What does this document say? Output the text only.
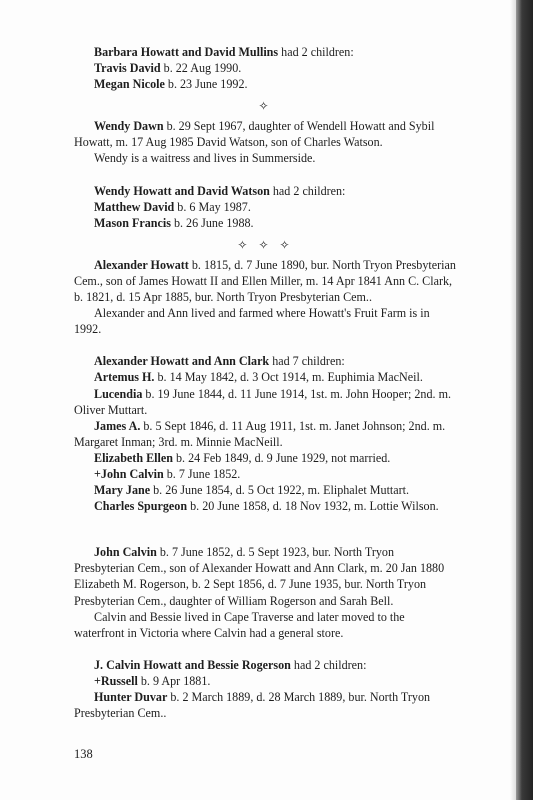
Barbara Howatt and David Mullins had 2 children:

Travis David b. 22 Aug 1990.

Megan Nicole b. 23 June 1992.

✧

Wendy Dawn b. 29 Sept 1967, daughter of Wendell Howatt and Sybil Howatt, m. 17 Aug 1985 David Watson, son of Charles Watson.

Wendy is a waitress and lives in Summerside.

Wendy Howatt and David Watson had 2 children:

Matthew David b. 6 May 1987.

Mason Francis b. 26 June 1988.

✧ ✧ ✧

Alexander Howatt b. 1815, d. 7 June 1890, bur. North Tryon Presbyterian Cem., son of James Howatt II and Ellen Miller, m. 14 Apr 1841 Ann C. Clark, b. 1821, d. 15 Apr 1885, bur. North Tryon Presbyterian Cem..

Alexander and Ann lived and farmed where Howatt's Fruit Farm is in 1992.

Alexander Howatt and Ann Clark had 7 children:

Artemus H. b. 14 May 1842, d. 3 Oct 1914, m. Euphimia MacNeil.

Lucendia b. 19 June 1844, d. 11 June 1914, 1st. m. John Hooper; 2nd. m. Oliver Muttart.

James A. b. 5 Sept 1846, d. 11 Aug 1911, 1st. m. Janet Johnson; 2nd. m. Margaret Inman; 3rd. m. Minnie MacNeill.

Elizabeth Ellen b. 24 Feb 1849, d. 9 June 1929, not married.

+John Calvin b. 7 June 1852.

Mary Jane b. 26 June 1854, d. 5 Oct 1922, m. Eliphalet Muttart.

Charles Spurgeon b. 20 June 1858, d. 18 Nov 1932, m. Lottie Wilson.

John Calvin b. 7 June 1852, d. 5 Sept 1923, bur. North Tryon Presbyterian Cem., son of Alexander Howatt and Ann Clark, m. 20 Jan 1880 Elizabeth M. Rogerson, b. 2 Sept 1856, d. 7 June 1935, bur. North Tryon Presbyterian Cem., daughter of William Rogerson and Sarah Bell.

Calvin and Bessie lived in Cape Traverse and later moved to the waterfront in Victoria where Calvin had a general store.

J. Calvin Howatt and Bessie Rogerson had 2 children:

+Russell b. 9 Apr 1881.

Hunter Duvar b. 2 March 1889, d. 28 March 1889, bur. North Tryon Presbyterian Cem..

138
